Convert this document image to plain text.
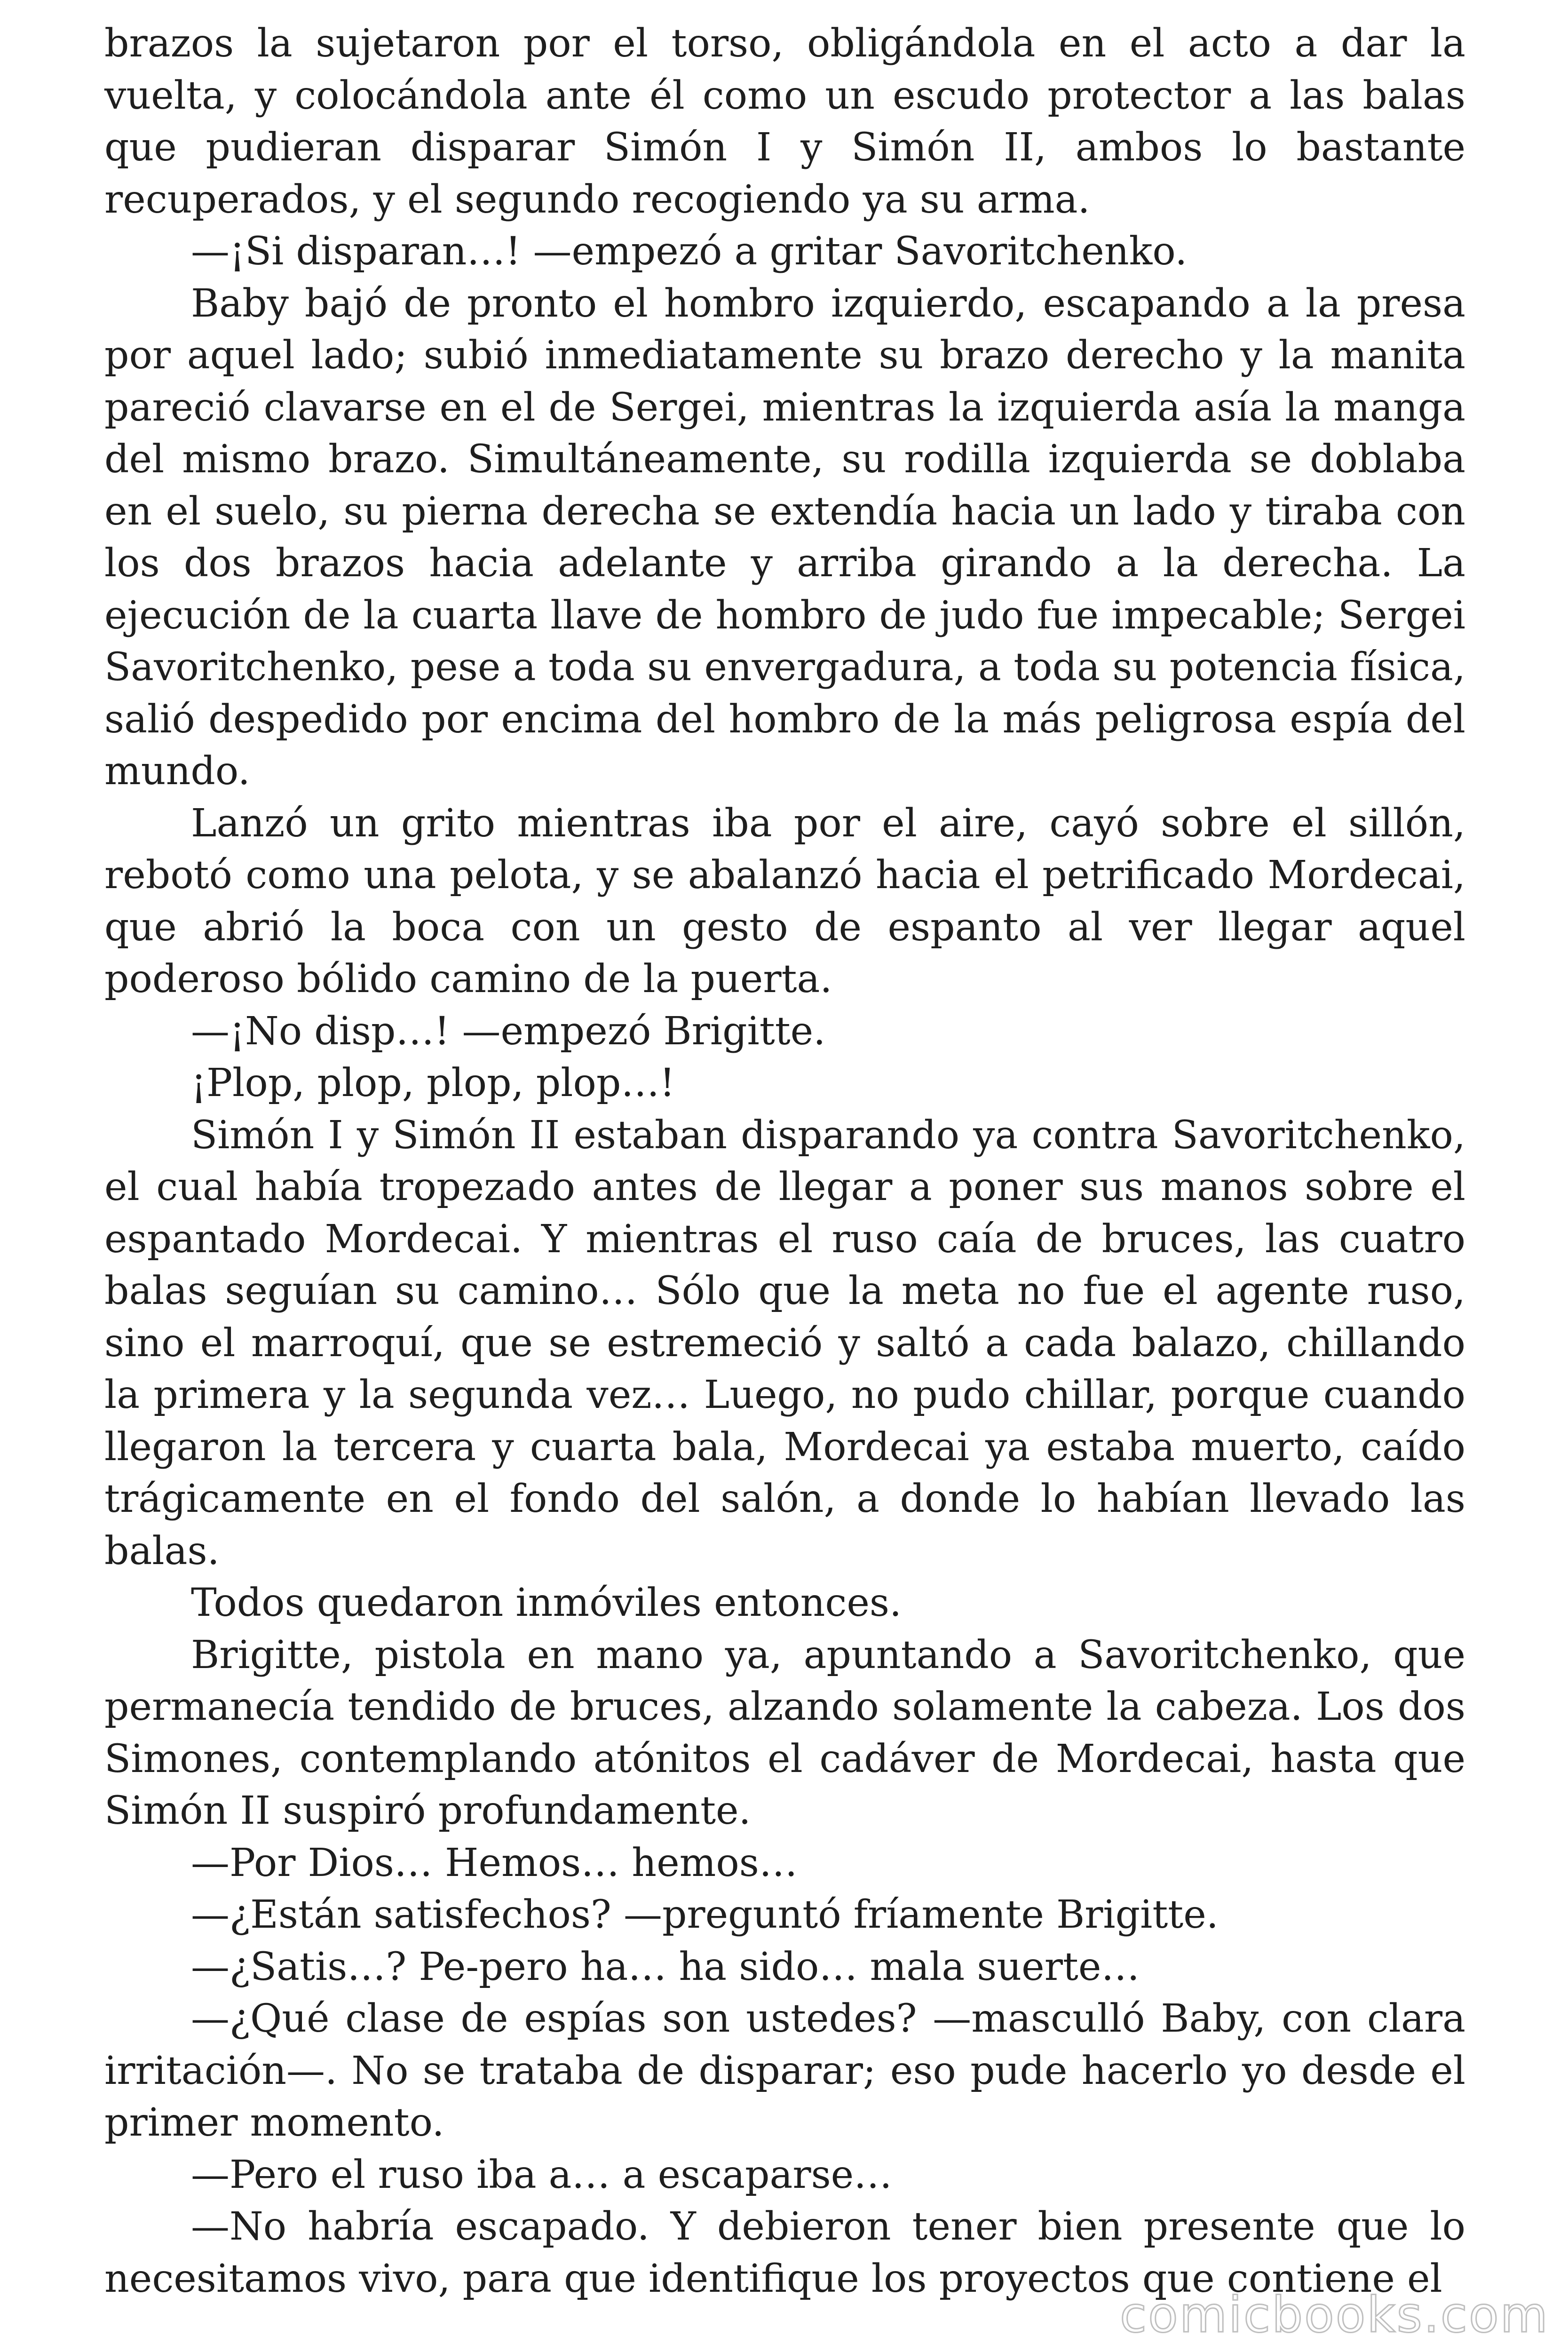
brazos la sujetaron por el torso, obligándola en el acto a dar la vuelta, y colocándola ante él como un escudo protector a las balas que pudieran disparar Simón I y Simón II, ambos lo bastante recuperados, y el segundo recogiendo ya su arma.

—¡Si disparan…! —empezó a gritar Savoritchenko.

Baby bajó de pronto el hombro izquierdo, escapando a la presa por aquel lado; subió inmediatamente su brazo derecho y la manita pareció clavarse en el de Sergei, mientras la izquierda asía la manga del mismo brazo. Simultáneamente, su rodilla izquierda se doblaba en el suelo, su pierna derecha se extendía hacia un lado y tiraba con los dos brazos hacia adelante y arriba girando a la derecha. La ejecución de la cuarta llave de hombro de judo fue impecable; Sergei Savoritchenko, pese a toda su envergadura, a toda su potencia física, salió despedido por encima del hombro de la más peligrosa espía del mundo.

Lanzó un grito mientras iba por el aire, cayó sobre el sillón, rebotó como una pelota, y se abalanzó hacia el petrificado Mordecai, que abrió la boca con un gesto de espanto al ver llegar aquel poderoso bólido camino de la puerta.

—¡No disp…! —empezó Brigitte.

¡Plop, plop, plop, plop…!

Simón I y Simón II estaban disparando ya contra Savoritchenko, el cual había tropezado antes de llegar a poner sus manos sobre el espantado Mordecai. Y mientras el ruso caía de bruces, las cuatro balas seguían su camino… Sólo que la meta no fue el agente ruso, sino el marroquí, que se estremeció y saltó a cada balazo, chillando la primera y la segunda vez… Luego, no pudo chillar, porque cuando llegaron la tercera y cuarta bala, Mordecai ya estaba muerto, caído trágicamente en el fondo del salón, a donde lo habían llevado las balas.

Todos quedaron inmóviles entonces.

Brigitte, pistola en mano ya, apuntando a Savoritchenko, que permanecía tendido de bruces, alzando solamente la cabeza. Los dos Simones, contemplando atónitos el cadáver de Mordecai, hasta que Simón II suspiró profundamente.

—Por Dios… Hemos… hemos…

—¿Están satisfechos? —preguntó fríamente Brigitte.

—¿Satis…? Pe-pero ha… ha sido… mala suerte…

—¿Qué clase de espías son ustedes? —masculló Baby, con clara irritación—. No se trataba de disparar; eso pude hacerlo yo desde el primer momento.

—Pero el ruso iba a… a escaparse…

—No habría escapado. Y debieron tener bien presente que lo necesitamos vivo, para que identifique los proyectos que contiene el

comicbooks.com
